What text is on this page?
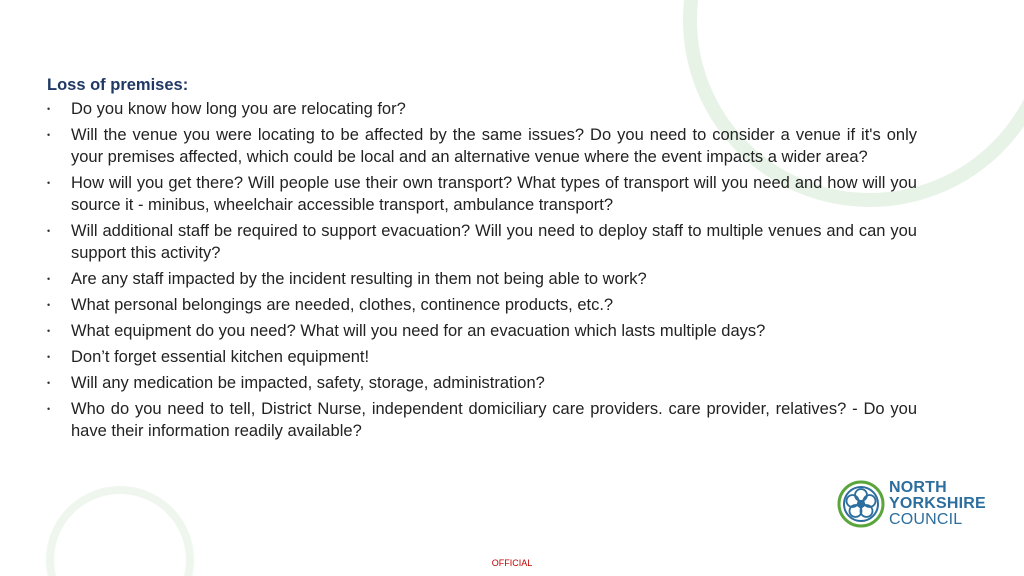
Loss of premises:

• Do you know how long you are relocating for?
• Will the venue you were locating to be affected by the same issues? Do you need to consider a venue if it's only your premises affected, which could be local and an alternative venue where the event impacts a wider area?
• How will you get there? Will people use their own transport? What types of transport will you need and how will you source it - minibus, wheelchair accessible transport, ambulance transport?
• Will additional staff be required to support evacuation? Will you need to deploy staff to multiple venues and can you support this activity?
• Are any staff impacted by the incident resulting in them not being able to work?
• What personal belongings are needed, clothes, continence products, etc.?
• What equipment do you need? What will you need for an evacuation which lasts multiple days?
• Don’t forget essential kitchen equipment!
• Will any medication be impacted, safety, storage, administration?
• Who do you need to tell, District Nurse, independent domiciliary care providers. care provider, relatives? - Do you have their information readily available?
NORTH
YORKSHIRE
COUNCIL
OFFICIAL
